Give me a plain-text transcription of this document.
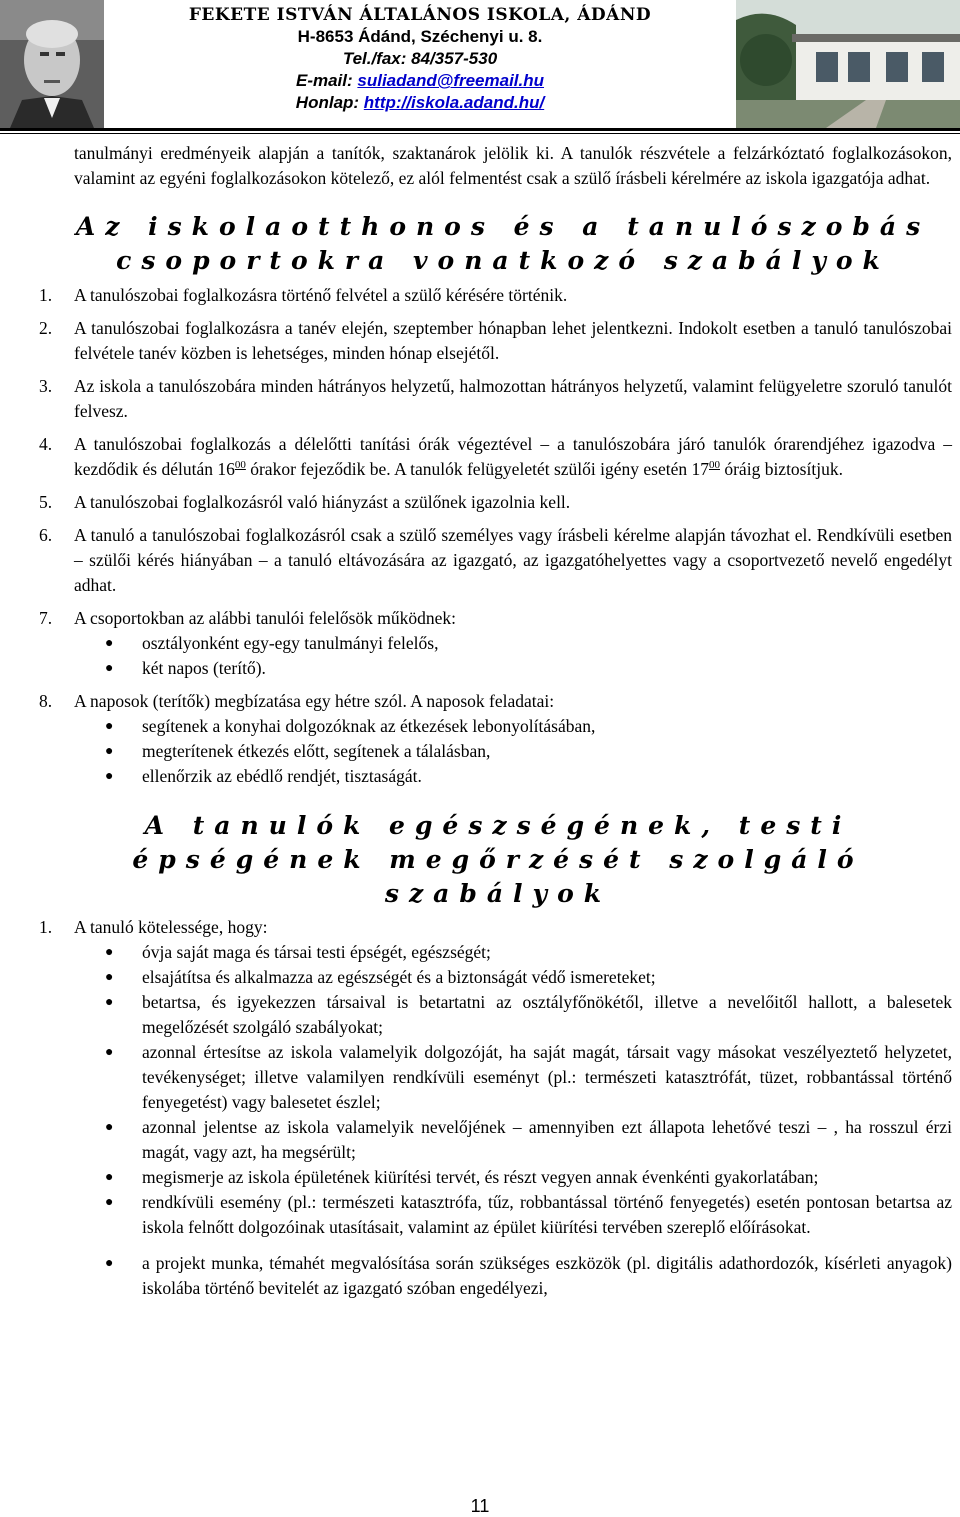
FEKETE ISTVÁN ÁLTALÁNOS ISKOLA, ÁDÁND
H-8653 Ádánd, Széchenyi u. 8.
Tel./fax: 84/357-530
E-mail: suliadand@freemail.hu
Honlap: http://iskola.adand.hu/

tanulmányi eredményeik alapján a tanítók, szaktanárok jelölik ki. A tanulók részvétele a felzárkóztató foglalkozásokon, valamint az egyéni foglalkozásokon kötelező, ez alól felmentést csak a szülő írásbeli kérelmére az iskola igazgatója adhat.

Az iskolaotthonos és a tanulószobás csoportokra vonatkozó szabályok

1.	A tanulószobai foglalkozásra történő felvétel a szülő kérésére történik.
2.	A tanulószobai foglalkozásra a tanév elején, szeptember hónapban lehet jelentkezni. Indokolt esetben a tanuló tanulószobai felvétele tanév közben is lehetséges, minden hónap elsejétől.
3.	Az iskola a tanulószobára minden hátrányos helyzetű, halmozottan hátrányos helyzetű, valamint felügyeletre szoruló tanulót felvesz.
4.	A tanulószobai foglalkozás a délelőtti tanítási órák végeztével – a tanulószobára járó tanulók órarendjéhez igazodva – kezdődik és délután $16^{00}$ órakor fejeződik be. A tanulók felügyeletét szülői igény esetén $17^{00}$ óráig biztosítjuk.
5.	A tanulószobai foglalkozásról való hiányzást a szülőnek igazolnia kell.
6.	A tanuló a tanulószobai foglalkozásról csak a szülő személyes vagy írásbeli kérelme alapján távozhat el. Rendkívüli esetben – szülői kérés hiányában – a tanuló eltávozására az igazgató, az igazgatóhelyettes vagy a csoportvezető nevelő engedélyt adhat.
7.	A csoportokban az alábbi tanulói felelősök működnek:
●	osztályonként egy-egy tanulmányi felelős,
●	két napos (terítő).
8.	A naposok (terítők) megbízatása egy hétre szól. A naposok feladatai:
●	segítenek a konyhai dolgozóknak az étkezések lebonyolításában,
●	megterítenek étkezés előtt, segítenek a tálalásban,
●	ellenőrzik az ebédlő rendjét, tisztaságát.

A tanulók egészségének, testi épségének megőrzését szolgáló szabályok

1.	A tanuló kötelessége, hogy:
●	óvja saját maga és társai testi épségét, egészségét;
●	elsajátítsa és alkalmazza az egészségét és a biztonságát védő ismereteket;
●	betartsa, és igyekezzen társaival is betartatni az osztályfőnökétől, illetve a nevelőitől hallott, a balesetek megelőzését szolgáló szabályokat;
●	azonnal értesítse az iskola valamelyik dolgozóját, ha saját magát, társait vagy másokat veszélyeztető helyzetet, tevékenységet; illetve valamilyen rendkívüli eseményt (pl.: természeti katasztrófát, tüzet, robbantással történő fenyegetést) vagy balesetet észlel;
●	azonnal jelentse az iskola valamelyik nevelőjének – amennyiben ezt állapota lehetővé teszi – , ha rosszul érzi magát, vagy azt, ha megsérült;
●	megismerje az iskola épületének kiürítési tervét, és részt vegyen annak évenkénti gyakorlatában;
●	rendkívüli esemény (pl.: természeti katasztrófa, tűz, robbantással történő fenyegetés) esetén pontosan betartsa az iskola felnőtt dolgozóinak utasításait, valamint az épület kiürítési tervében szereplő előírásokat.
●	a projekt munka, témahét megvalósítása során szükséges eszközök (pl. digitális adathordozók, kísérleti anyagok) iskolába történő bevitelét az igazgató szóban engedélyezi,
11
